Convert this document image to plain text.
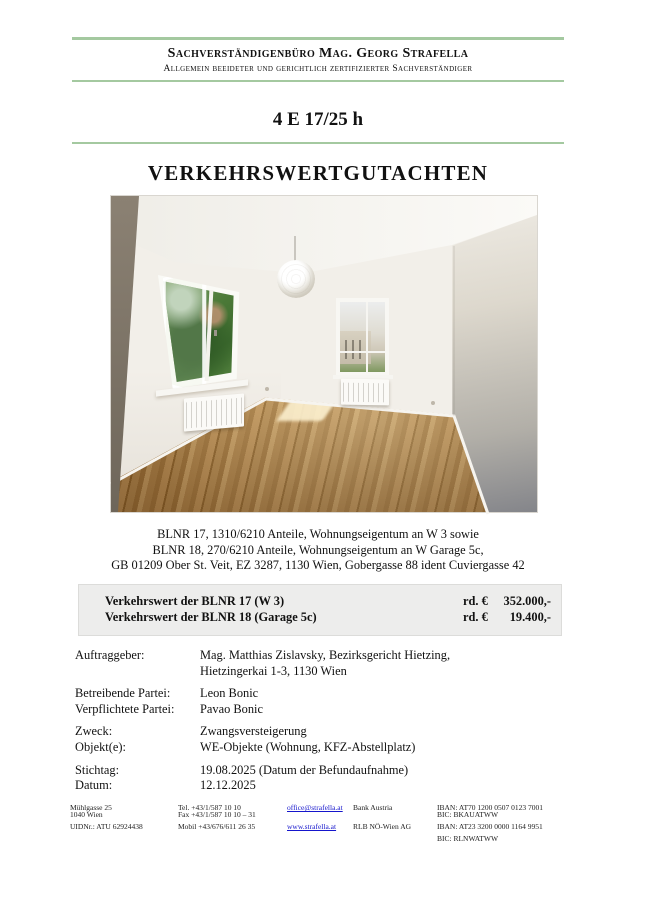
Sachverständigenbüro Mag. Georg Strafella
Allgemein beeideter und gerichtlich zertifizierter Sachverständiger
4 E 17/25 h
VERKEHRSWERTGUTACHTEN
BLNR 17, 1310/6210 Anteile, Wohnungseigentum an W 3 sowie
BLNR 18, 270/6210 Anteile, Wohnungseigentum an W Garage 5c,
GB 01209 Ober St. Veit, EZ 3287, 1130 Wien, Gobergasse 88 ident Cuviergasse 42
Verkehrswert der BLNR 17 (W 3)	rd. € 352.000,-
Verkehrswert der BLNR 18 (Garage 5c)	rd. € 19.400,-
Auftraggeber:	Mag. Matthias Zislavsky, Bezirksgericht Hietzing,
Hietzingerkai 1-3, 1130 Wien
Betreibende Partei:	Leon Bonic
Verpflichtete Partei:	Pavao Bonic
Zweck:	Zwangsversteigerung
Objekt(e):	WE-Objekte (Wohnung, KFZ-Abstellplatz)
Stichtag:	19.08.2025 (Datum der Befundaufnahme)
Datum:	12.12.2025
Mühlgasse 25
1040 Wien
UIDNr.: ATU 62924438
Tel. +43/1/587 10 10
Fax +43/1/587 10 10 – 31
Mobil +43/676/611 26 35
office@strafella.at
www.strafella.at
Bank Austria
RLB NÖ-Wien AG
IBAN: AT70 1200 0507 0123 7001
BIC: BKAUATWW
IBAN: AT23 3200 0000 1164 9951
BIC: RLNWATWW
